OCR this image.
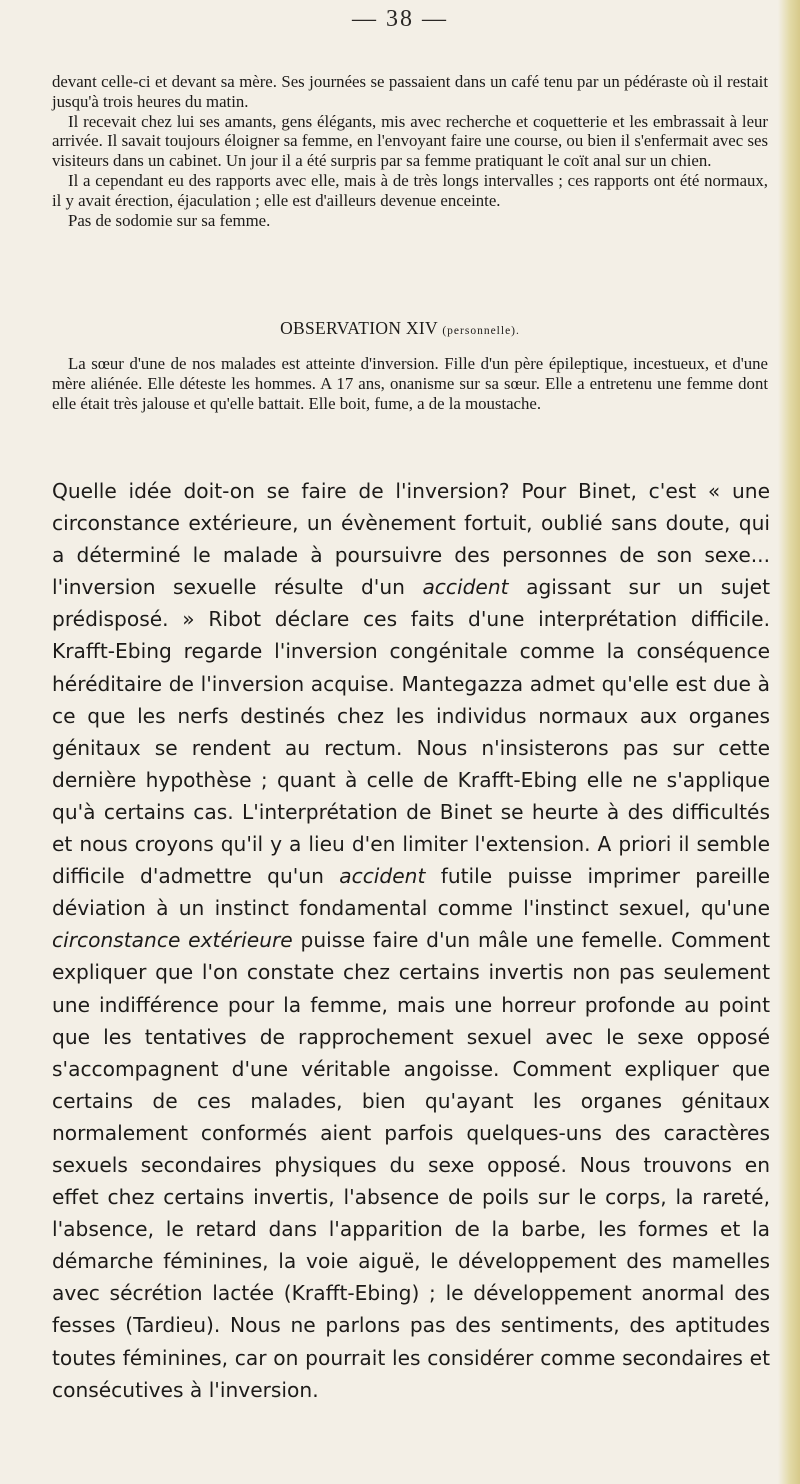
— 38 —

devant celle-ci et devant sa mère. Ses journées se passaient dans un café tenu par un pédéraste où il restait jusqu'à trois heures du matin.

Il recevait chez lui ses amants, gens élégants, mis avec recherche et coquetterie et les embrassait à leur arrivée. Il savait toujours éloigner sa femme, en l'envoyant faire une course, ou bien il s'enfermait avec ses visiteurs dans un cabinet. Un jour il a été surpris par sa femme pratiquant le coït anal sur un chien.

Il a cependant eu des rapports avec elle, mais à de très longs intervalles ; ces rapports ont été normaux, il y avait érection, éjaculation ; elle est d'ailleurs devenue enceinte.

Pas de sodomie sur sa femme.

OBSERVATION XIV (personnelle).

La sœur d'une de nos malades est atteinte d'inversion. Fille d'un père épileptique, incestueux, et d'une mère aliénée. Elle déteste les hommes. A 17 ans, onanisme sur sa sœur. Elle a entretenu une femme dont elle était très jalouse et qu'elle battait. Elle boit, fume, a de la moustache.

Quelle idée doit-on se faire de l'inversion? Pour Binet, c'est « une circonstance extérieure, un évènement fortuit, oublié sans doute, qui a déterminé le malade à poursuivre des personnes de son sexe... l'inversion sexuelle résulte d'un accident agissant sur un sujet prédisposé. » Ribot déclare ces faits d'une interprétation difficile. Krafft-Ebing regarde l'inversion congénitale comme la conséquence héréditaire de l'inversion acquise. Mantegazza admet qu'elle est due à ce que les nerfs destinés chez les individus normaux aux organes génitaux se rendent au rectum. Nous n'insisterons pas sur cette dernière hypothèse ; quant à celle de Krafft-Ebing elle ne s'applique qu'à certains cas. L'interprétation de Binet se heurte à des difficultés et nous croyons qu'il y a lieu d'en limiter l'extension. A priori il semble difficile d'admettre qu'un accident futile puisse imprimer pareille déviation à un instinct fondamental comme l'instinct sexuel, qu'une circonstance extérieure puisse faire d'un mâle une femelle. Comment expliquer que l'on constate chez certains invertis non pas seulement une indifférence pour la femme, mais une horreur profonde au point que les tentatives de rapprochement sexuel avec le sexe opposé s'accompagnent d'une véritable angoisse. Comment expliquer que certains de ces malades, bien qu'ayant les organes génitaux normalement conformés aient parfois quelques-uns des caractères sexuels secondaires physiques du sexe opposé. Nous trouvons en effet chez certains invertis, l'absence de poils sur le corps, la rareté, l'absence, le retard dans l'apparition de la barbe, les formes et la démarche féminines, la voie aiguë, le développement des mamelles avec sécrétion lactée (Krafft-Ebing) ; le développement anormal des fesses (Tardieu). Nous ne parlons pas des sentiments, des aptitudes toutes féminines, car on pourrait les considérer comme secondaires et consécutives à l'inversion.
